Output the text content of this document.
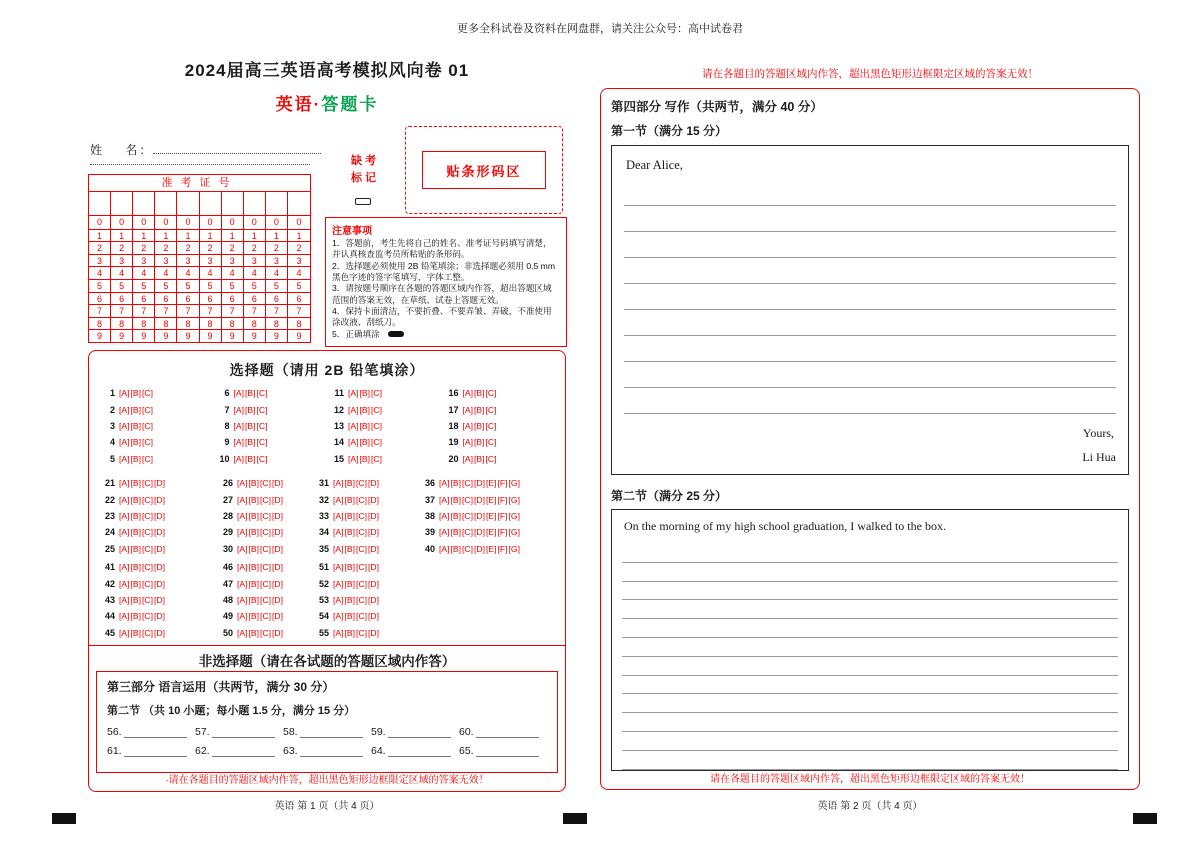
更多全科试卷及资料在网盘群，请关注公众号：高中试卷君
2024届高三英语高考模拟风向卷 01
英语·答题卡
姓    名：
准考证号
0	0	0	0	0	0	0	0	0	0
1	1	1	1	1	1	1	1	1	1
2	2	2	2	2	2	2	2	2	2
3	3	3	3	3	3	3	3	3	3
4	4	4	4	4	4	4	4	4	4
5	5	5	5	5	5	5	5	5	5
6	6	6	6	6	6	6	6	6	6
7	7	7	7	7	7	7	7	7	7
8	8	8	8	8	8	8	8	8	8
9	9	9	9	9	9	9	9	9	9
缺考
标记	贴条形码区
注意事项
1．答题前，考生先将自己的姓名、准考证号码填写清楚，并认真核查监考员所粘贴的条形码。
2．选择题必须使用 2B 铅笔填涂；非选择题必须用 0.5 mm 黑色字迹的签字笔填写，字体工整。
3．请按题号顺序在各题的答题区域内作答，超出答题区域范围的答案无效，在草纸、试卷上答题无效。
4．保持卡面清洁，不要折叠、不要弄皱、弄破，不准使用涂改液、刮纸刀。
5．正确填涂
选择题（请用 2B 铅笔填涂）
1 [A] [B] [C]	6 [A] [B] [C]	11 [A] [B] [C]	16 [A] [B] [C]
2 [A] [B] [C]	7 [A] [B] [C]	12 [A] [B] [C]	17 [A] [B] [C]
3 [A] [B] [C]	8 [A] [B] [C]	13 [A] [B] [C]	18 [A] [B] [C]
4 [A] [B] [C]	9 [A] [B] [C]	14 [A] [B] [C]	19 [A] [B] [C]
5 [A] [B] [C]	10 [A] [B] [C]	15 [A] [B] [C]	20 [A] [B] [C]
21 [A] [B] [C] [D]	26 [A] [B] [C] [D]	31 [A] [B] [C] [D]	36 [A] [B] [C] [D] [E] [F] [G]
22 [A] [B] [C] [D]	27 [A] [B] [C] [D]	32 [A] [B] [C] [D]	37 [A] [B] [C] [D] [E] [F] [G]
23 [A] [B] [C] [D]	28 [A] [B] [C] [D]	33 [A] [B] [C] [D]	38 [A] [B] [C] [D] [E] [F] [G]
24 [A] [B] [C] [D]	29 [A] [B] [C] [D]	34 [A] [B] [C] [D]	39 [A] [B] [C] [D] [E] [F] [G]
25 [A] [B] [C] [D]	30 [A] [B] [C] [D]	35 [A] [B] [C] [D]	40 [A] [B] [C] [D] [E] [F] [G]
41 [A] [B] [C] [D]	46 [A] [B] [C] [D]	51 [A] [B] [C] [D]
42 [A] [B] [C] [D]	47 [A] [B] [C] [D]	52 [A] [B] [C] [D]
43 [A] [B] [C] [D]	48 [A] [B] [C] [D]	53 [A] [B] [C] [D]
44 [A] [B] [C] [D]	49 [A] [B] [C] [D]	54 [A] [B] [C] [D]
45 [A] [B] [C] [D]	50 [A] [B] [C] [D]	55 [A] [B] [C] [D]
非选择题（请在各试题的答题区域内作答）
第三部分 语言运用（共两节，满分 30 分）
第二节 （共 10 小题；每小题 1.5 分，满分 15 分）
56.	57.	58.	59.	60.
61.	62.	63.	64.	65.
·请在各题目的答题区域内作答，超出黑色矩形边框限定区域的答案无效！
英语 第 1 页（共 4 页）
请在各题目的答题区域内作答，超出黑色矩形边框限定区域的答案无效！
第四部分 写作（共两节，满分 40 分）
第一节（满分 15 分）
Dear Alice,
Yours,
Li Hua
第二节（满分 25 分）
On the morning of my high school graduation, I walked to the box.
请在各题目的答题区域内作答，超出黑色矩形边框限定区域的答案无效！
英语 第 2 页（共 4 页）
